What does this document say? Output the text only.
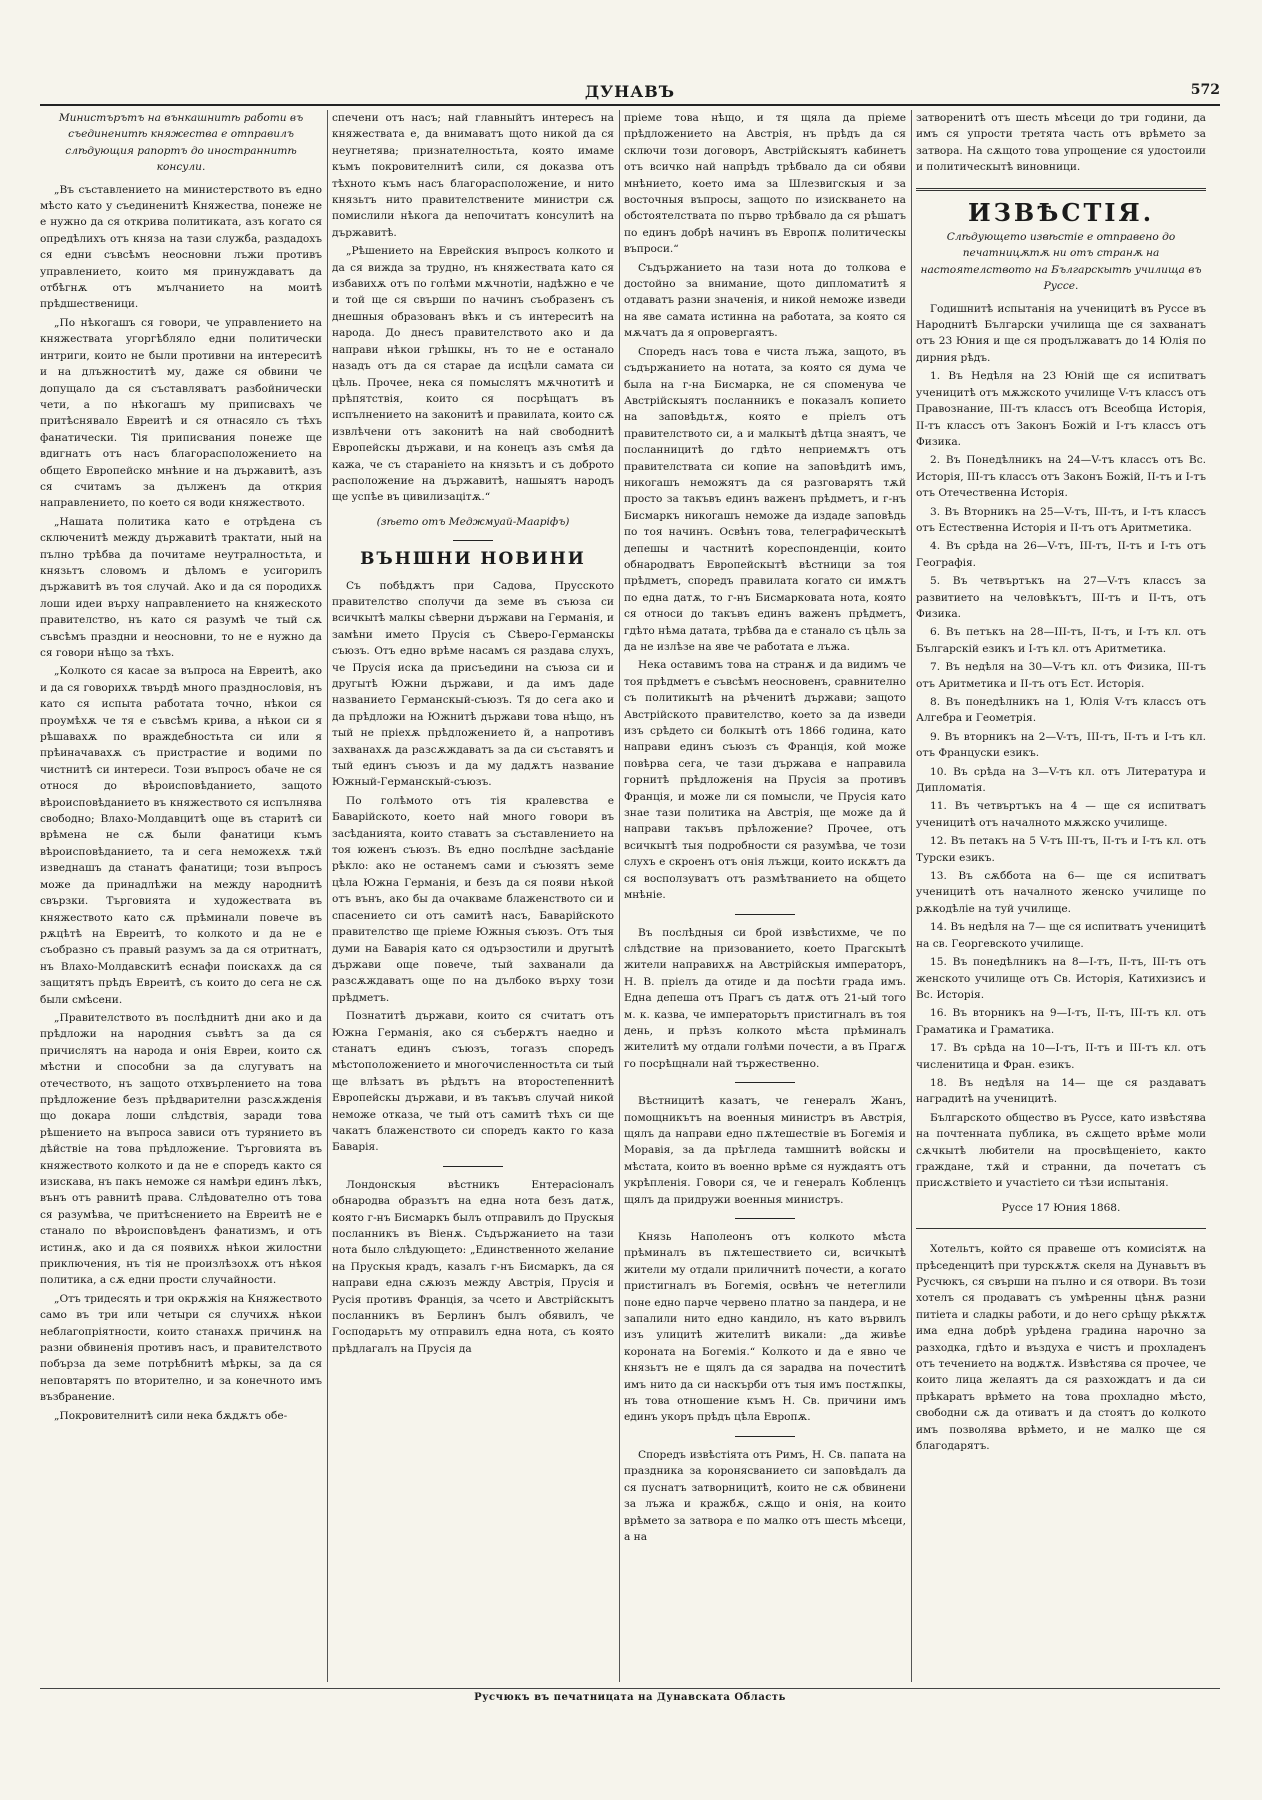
ДУНАВЪ	572

Министърътъ на вънкашнитѣ работи въ съединенитѣ княжества е отправилъ слѣдующия рапортъ до иностраннитѣ консули.

„Въ съставлението на министерството въ едно мѣсто като у съединенитѣ Княжества, понеже не е нужно да ся открива политиката, азъ когато ся опредѣлихъ отъ княза на тази служба, раздадохъ ся едни съвсѣмъ неосновни лъжи противъ управлението, които мя принуждаватъ да отбѣгнѫ отъ мълчанието на моитѣ прѣдшественици.

„По нѣкогашъ ся говори, че управлението на княжествата угоргѣбляло едни политически интриги, които не были противни на интереситѣ и на длъжноститѣ му, даже ся обвини че допущало да ся съставляватъ разбойнически чети, а по нѣкогашъ му приписвахъ че притѣснявало Евреитѣ и ся отнасяло съ тѣхъ фанатически. Тія приписвания понеже ще вдигнатъ отъ насъ благорасположението на общето Европейско мнѣние и на държавитѣ, азъ ся считамъ за дълженъ да открия направлението, по което ся води княжеството.

„Нашата политика като е отрѣдена съ сключенитѣ между държавитѣ трактати, ный на пълно трѣбва да почитаме неутралностьта, и князьтъ словомъ и дѣломъ е усигорилъ държавитѣ въ тоя случай. Ако и да ся породихѫ лоши идеи върху направлението на княжеското правителство, нъ като ся разумѣ че тый сѫ съвсѣмъ праздни и неосновни, то не е нужно да ся говори нѣщо за тѣхъ.

„Колкото ся касае за въпроса на Евреитѣ, ако и да ся говорихѫ твърдѣ много празднословія, нъ като ся испыта работата точно, нѣкои ся проумѣхѫ че тя е съвсѣмъ крива, а нѣкои си я рѣшавахѫ по враждебностьта си или я прѣиначавахѫ съ пристрастие и водими по чистнитѣ си интереси. Този въпросъ обаче не ся относя до вѣроисповѣданието, защото вѣроисповѣданието въ княжеството ся испълнява свободно; Влахо-Молдавцитѣ още въ старитѣ си врѣмена не сѫ были фанатици къмъ вѣроисповѣданието, та и сега неможехѫ тѫй изведнашъ да станатъ фанатици; този въпросъ може да принадлѣжи на между народнитѣ свързки. Търговията и художествата въ княжеството като сѫ прѣминали повече въ рѫцѣтѣ на Евреитѣ, то колкото и да не е съобразно съ правый разумъ за да ся отритнатъ, нъ Влахо-Молдавскитѣ еснафи поискахѫ да ся защитятъ прѣдъ Евреитѣ, съ които до сега не сѫ были смѣсени.

„Правителството въ послѣднитѣ дни ако и да прѣдложи на народния съвѣтъ за да ся причислятъ на народа и онія Евреи, които сѫ мѣстни и способни за да слугуватъ на отечеството, нъ защото отхвърлението на това прѣдложение безъ прѣдварителни разсѫжденія що докара лоши слѣдствія, заради това рѣшението на въпроса зависи отъ турянието въ дѣйствіе на това прѣдложение. Търговията въ княжеството колкото и да не е споредъ както ся изискава, нъ пакъ неможе ся намѣри единъ лѣкъ, вънъ отъ равнитѣ права. Слѣдователно отъ това ся разумѣва, че притѣснението на Евреитѣ не е станало по вѣроисповѣденъ фанатизмъ, и отъ истинѫ, ако и да ся появихѫ нѣкои жилостни приключения, нъ тія не произлѣзохѫ отъ нѣкоя политика, а сѫ едни прости случайности.

„Отъ тридесять и три окрѫжія на Княжеството само въ три или четыри ся случихѫ нѣкои неблагопріятности, които станахѫ причинѫ на разни обвиненія противъ насъ, и правителството побърза да земе потрѣбнитѣ мѣркы, за да ся неповтарятъ по вторително, и за конечното имъ възбранение.

„Покровителнитѣ сили нека бѫдѫтъ обе-

спечени отъ насъ; най главныйтъ интересъ на княжествата е, да внимаватъ щото никой да ся неугнетява; признателностьта, която имаме къмъ покровителнитѣ сили, ся доказва отъ тѣхното къмъ насъ благорасположение, и нито князьтъ нито правителствените министри сѫ помислили нѣкога да непочитатъ консулитѣ на държавитѣ.

„Рѣшението на Еврейския въпросъ колкото и да ся вижда за трудно, нъ княжествата като ся избавихѫ отъ по голѣми мѫчнотіи, надѣжно е че и той ще ся свърши по начинъ съобразенъ съ днешныя образованъ вѣкъ и съ интереситѣ на народа. До днесъ правителството ако и да направи нѣкои грѣшкы, нъ то не е останало назадъ отъ да ся старае да исцѣли самата си цѣль. Прочее, нека ся помыслятъ мѫчнотитѣ и прѣпятствія, които ся посрѣщатъ въ испълнението на законитѣ и правилата, които сѫ извлѣчени отъ законитѣ на най свободнитѣ Европейскы държави, и на конецъ азъ смѣя да кажа, че съ стараніето на князьтъ и съ доброто расположение на държавитѣ, нашыятъ народъ ще успѣе въ цивилизацітѫ.“

(зѣето отъ Меджмуай-Мааріфъ)

ВЪНШНИ НОВИНИ

Съ побѣдѫтъ при Садова, Прусското правителство сполучи да земе въ съюза си всичкытѣ малкы сѣверни държави на Германія, и замѣни името Прусія съ Сѣверо-Германскы съюзъ. Отъ едно врѣме насамъ ся раздава слухъ, че Прусія иска да присъедини на съюза си и другытѣ Южни държави, и да имъ даде названието Германскый-съюзъ. Тя до сега ако и да прѣдложи на Южнитѣ държави това нѣщо, нъ тый не пріехѫ прѣдложението й, а напротивъ захванахѫ да разсѫждаватъ за да си съставятъ и тый единъ съюзъ и да му дадѫтъ название Южный-Германскый-съюзъ.

По голѣмото отъ тія кралевства е Баварійското, което най много говори въ засѣданията, които ставатъ за съставлението на тоя юженъ съюзъ. Въ едно послѣдне засѣданіе рѣкло: ако не останемъ сами и съюзятъ земе цѣла Южна Германія, и безъ да ся появи нѣкой отъ вънъ, ако бы да очакваме блаженството си и спасението си отъ самитѣ насъ, Баварійското правителство ще пріеме Южныя съюзъ. Отъ тыя думи на Баварія като ся одързостили и другытѣ държави още повече, тый захванали да разсѫждаватъ още по на дълбоко върху този прѣдметъ.

Познатитѣ държави, които ся считатъ отъ Южна Германія, ако ся съберѫтъ наедно и станатъ единъ съюзъ, тогазъ споредъ мѣстоположението и многочисленностьта си тый ще влѣзатъ въ рѣдътъ на второстепеннитѣ Европейскы държави, и въ такъвъ случай никой неможе отказа, че тый отъ самитѣ тѣхъ си ще чакатъ блаженството си споредъ както го каза Баварія.

Лондонскыя вѣстникъ Ентерасіоналъ обнародва образътъ на една нота безъ датѫ, която г-нъ Бисмаркъ былъ отправилъ до Прускыя посланникъ въ Віенѫ. Съдържанието на тази нота было слѣдующето: „Единственното желание на Прускыя крадъ, казалъ г-нъ Бисмаркъ, да ся направи една сѫюзъ между Австрія, Прусія и Русія противъ Франція, за чсето и Австрійскытъ посланникъ въ Берлинъ былъ обявилъ, че Господарьтъ му отправилъ една нота, съ която прѣдлагалъ на Прусія да

пріеме това нѣщо, и тя щяла да пріеме прѣдложението на Австрія, нъ прѣдъ да ся сключи този договоръ, Австрійскыятъ кабинетъ отъ всичко най напрѣдъ трѣбвало да си обяви мнѣнието, което има за Шлезвигскыя и за восточныя въпросы, защото по изискването на обстоятелствата по първо трѣбвало да ся рѣшатъ по единъ добрѣ начинъ въ Европѫ политическы въпроси.“

Съдържанието на тази нота до толкова е достойно за внимание, щото дипломатитѣ я отдаватъ разни значенія, и никой неможе изведи на яве самата истинна на работата, за която ся мѫчатъ да я опровергаятъ.

Споредъ насъ това е чиста лъжа, защото, въ съдържанието на нотата, за която ся дума че была на г-на Бисмарка, не ся споменува че Австрійскыятъ посланникъ е показалъ копието на заповѣдьтѫ, която е пріелъ отъ правителството си, а и малкытѣ дѣтца знаятъ, че посланницитѣ до гдѣто неприемѫтъ отъ правителствата си копие на заповѣдитѣ имъ, никогашъ неможятъ да ся разговарятъ тѫй просто за такъвъ единъ важенъ прѣдметъ, и г-нъ Бисмаркъ никогашъ неможе да издаде заповѣдь по тоя начинъ. Освѣнъ това, телеграфическытѣ депешы и частнитѣ кореспонденціи, които обнародватъ Европейскытѣ вѣстници за тоя прѣдметъ, споредъ правилата когато си имѫтъ по една датѫ, то г-нъ Бисмарковата нота, която ся относи до такъвъ единъ важенъ прѣдметъ, гдѣто нѣма датата, трѣбва да е станало съ цѣль за да не излѣзе на яве че работата е лъжа.

Нека оставимъ това на странѫ и да видимъ че тоя прѣдметъ е съвсѣмъ неосновенъ, сравнително съ политикытѣ на рѣченитѣ държави; защото Австрійското правителство, което за да изведи изъ срѣдето си болкытѣ отъ 1866 година, като направи единъ съюзъ съ Франція, кой може повѣрва сега, че тази държава е направила горнитѣ прѣдложенія на Прусія за противъ Франція, и може ли ся помысли, че Прусія като знае тази политика на Австрія, ще може да й направи такъвъ прѣложение? Прочее, отъ всичкытѣ тыя подробности ся разумѣва, че този слухъ е скроенъ отъ онія лъжци, които искѫтъ да ся восползуватъ отъ размѣтванието на общето мнѣніе.

Въ послѣдныя си брой извѣстихме, че по слѣдствие на призованието, което Прагскытѣ жители направихѫ на Австрійскыя императоръ, Н. В. пріелъ да отиде и да посѣти града имъ. Една депеша отъ Прагъ съ датѫ отъ 21-ый того м. к. казва, че императорьтъ пристигналъ въ тоя день, и прѣзъ колкото мѣста прѣминалъ жителитѣ му отдали голѣми почести, а въ Прагѫ го посрѣщнали най тържественно.

Вѣстницитѣ казатъ, че генералъ Жанъ, помощникътъ на военныя министръ въ Австрія, щялъ да направи едно пѫтешествіе въ Богемія и Моравія, за да прѣгледа тамшнитѣ войскы и мѣстата, които въ военно врѣме ся нуждаятъ отъ укрѣпленія. Говори ся, че и генералъ Кобленцъ щялъ да придружи военныя министръ.

Князь Наполеонъ отъ колкото мѣста прѣминалъ въ пѫтешествието си, всичкытѣ жители му отдали приличнитѣ почести, а когато пристигналъ въ Богемія, освѣнъ че нетеглили поне едно парче червено платно за пандера, и не запалили нито едно кандило, нъ като вървилъ изъ улицитѣ жителитѣ викали: „да живѣе короната на Богемія.“ Колкото и да е явно че князьтъ не е щялъ да ся зарадва на почеститѣ имъ нито да си наскърби отъ тыя имъ постѫпкы, нъ това отношение къмъ Н. Св. причини имъ единъ укоръ прѣдъ цѣла Европѫ.

Споредъ извѣстіята отъ Римъ, Н. Св. папата на праздника за коронясванието си заповѣдалъ да ся пуснатъ затворницитѣ, които не сѫ обвинени за лъжа и кражбѫ, сѫщо и онія, на които врѣмето за затвора е по малко отъ шесть мѣсеци, а на

затворенитѣ отъ шесть мѣсеци до три години, да имъ ся упрости третята часть отъ врѣмето за затвора. На сѫщото това упрощение ся удостоили и политическытѣ виновници.

ИЗВѢСТІЯ.

Слѣдующето извѣстіе е отправено до печатницѫтѫ ни отъ странѫ на настоятелството на Българскытѣ училища въ Руссе.

Годишнитѣ испытанія на ученицитѣ въ Руссе въ Народнитѣ Български училища ще ся захванатъ отъ 23 Юния и ще ся продължаватъ до 14 Юлія по дирния рѣдъ.

1. Въ Недѣля на 23 Юній ще ся испитватъ ученицитѣ отъ мѫжското училище V-тъ классъ отъ Правознание, III-тъ классъ отъ Всеобща Исторія, II-тъ классъ отъ Законъ Божій и I-тъ классъ отъ Физика.

2. Въ Понедѣлникъ на 24—V-тъ классъ отъ Вс. Исторія, III-тъ классъ отъ Законъ Божій, II-тъ и I-тъ отъ Отечественна Исторія.

3. Въ Вторникъ на 25—V-тъ, III-тъ, и I-тъ классъ отъ Естественна Исторія и II-тъ отъ Аритметика.

4. Въ срѣда на 26—V-тъ, III-тъ, II-тъ и I-тъ отъ Географія.

5. Въ четвъртъкъ на 27—V-тъ классъ за развитието на человѣкътъ, III-тъ и II-тъ, отъ Физика.

6. Въ петъкъ на 28—III-тъ, II-тъ, и I-тъ кл. отъ Българскій езикъ и I-тъ кл. отъ Аритметика.

7. Въ недѣля на 30—V-тъ кл. отъ Физика, III-тъ отъ Аритметика и II-тъ отъ Ест. Исторія.

8. Въ понедѣлникъ на 1, Юлія V-тъ классъ отъ Алгебра и Геометрія.

9. Въ вторникъ на 2—V-тъ, III-тъ, II-тъ и I-тъ кл. отъ Француски езикъ.

10. Въ срѣда на 3—V-тъ кл. отъ Литература и Дипломатія.

11. Въ четвъртъкъ на 4 — ще ся испитватъ ученицитѣ отъ началното мѫжско училище.

12. Въ петакъ на 5 V-тъ III-тъ, II-тъ и I-тъ кл. отъ Турски езикъ.

13. Въ сѫббота на 6— ще ся испитватъ ученицитѣ отъ началното женско училище по рѫкодѣліе на туй училище.

14. Въ недѣля на 7— ще ся испитватъ ученицитѣ на св. Георгевското училище.

15. Въ понедѣлникъ на 8—I-тъ, II-тъ, III-тъ отъ женското училище отъ Св. Исторія, Катихизисъ и Вс. Исторія.

16. Въ вторникъ на 9—I-тъ, II-тъ, III-тъ кл. отъ Граматика и Граматика.

17. Въ срѣда на 10—I-тъ, II-тъ и III-тъ кл. отъ численитица и Фран. езикъ.

18. Въ недѣля на 14— ще ся раздаватъ наградитѣ на ученицитѣ.

Българското общество въ Руссе, като извѣстява на почтенната публика, въ сѫщето врѣме моли сѫчкытѣ любители на просвѣщеніето, както граждане, тѫй и странни, да почетатъ съ присѫствіето и участіето си тѣзи испытанія.

Руссе 17 Юния 1868.

Хотельтъ, който ся правеше отъ комисіятѫ на прѣседенцитѣ при турскѫтѫ скеля на Дунавьтъ въ Русчюкъ, ся свърши на пълно и ся отвори. Въ този хотелъ ся продаватъ съ умѣренны цѣнѫ разни питіета и сладкы работи, и до него срѣщу рѣкѫтѫ има една добрѣ урѣдена градина нарочно за разходка, гдѣто и въздуха е чистъ и прохладенъ отъ течението на водѫтѫ. Извѣстява ся прочее, че които лица желаятъ да ся разхождатъ и да си прѣкаратъ врѣмето на това прохладно мѣсто, свободни сѫ да отиватъ и да стоятъ до колкото имъ позволява врѣмето, и не малко ще ся благодарятъ.

Русчюкъ въ печатницата на Дунавската Область
